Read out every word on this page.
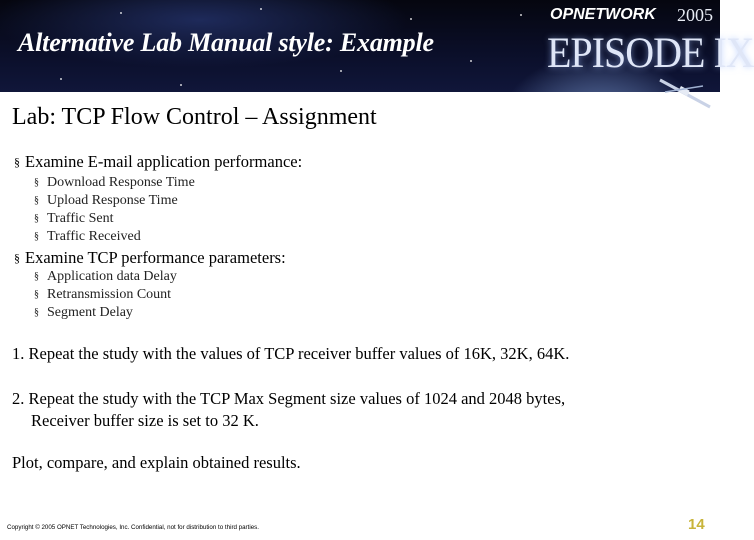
Alternative Lab Manual style: Example
OPNETWORK 2005
EPISODE IX
Lab: TCP Flow Control – Assignment
§ Examine E-mail application performance:
§ Download Response Time
§ Upload Response Time
§ Traffic Sent
§ Traffic Received
§ Examine TCP performance parameters:
§ Application data Delay
§ Retransmission Count
§ Segment Delay
1. Repeat the study with the values of TCP receiver buffer values of 16K, 32K, 64K.
2. Repeat the study with the TCP Max Segment size values of 1024 and 2048 bytes,
Receiver buffer size is set to 32 K.
Plot, compare, and explain obtained results.
Copyright © 2005 OPNET Technologies, Inc. Confidential, not for distribution to third parties.	14
